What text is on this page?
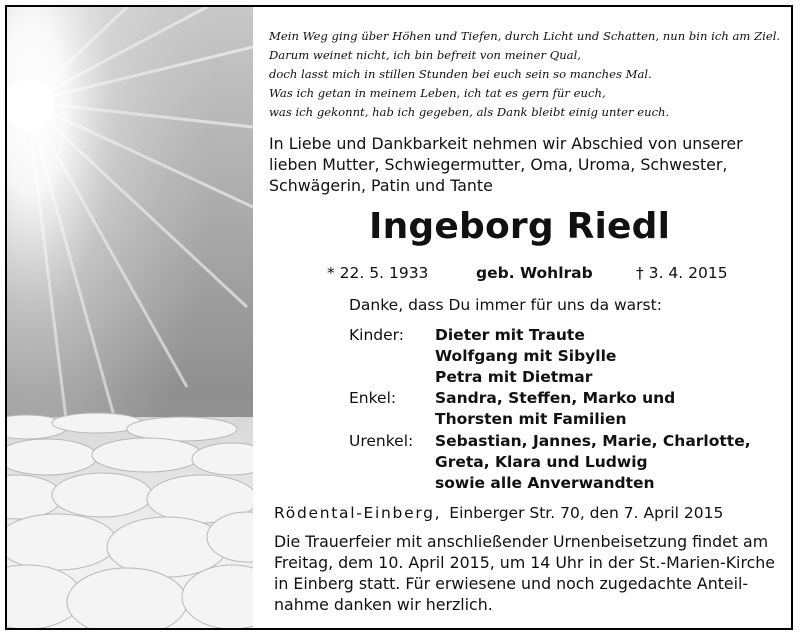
Mein Weg ging über Höhen und Tiefen, durch Licht und Schatten, nun bin ich am Ziel.
Darum weinet nicht, ich bin befreit von meiner Qual,
doch lasst mich in stillen Stunden bei euch sein so manches Mal.
Was ich getan in meinem Leben, ich tat es gern für euch,
was ich gekonnt, hab ich gegeben, als Dank bleibt einig unter euch.
In Liebe und Dankbarkeit nehmen wir Abschied von unserer
lieben Mutter, Schwiegermutter, Oma, Uroma, Schwester,
Schwägerin, Patin und Tante
Ingeborg Riedl
* 22. 5. 1933	geb. Wohlrab	† 3. 4. 2015
Danke, dass Du immer für uns da warst:
Kinder: Dieter mit Traute
Wolfgang mit Sibylle
Petra mit Dietmar
Enkel:	Sandra, Steffen, Marko und
Thorsten mit Familien
Urenkel: Sebastian, Jannes, Marie, Charlotte,
Greta, Klara und Ludwig
sowie alle Anverwandten
Rödental-Einberg, Einberger Str. 70, den 7. April 2015
Die Trauerfeier mit anschließender Urnenbeisetzung findet am
Freitag, dem 10. April 2015, um 14 Uhr in der St.-Marien-Kirche
in Einberg statt. Für erwiesene und noch zugedachte Anteil-
nahme danken wir herzlich.
